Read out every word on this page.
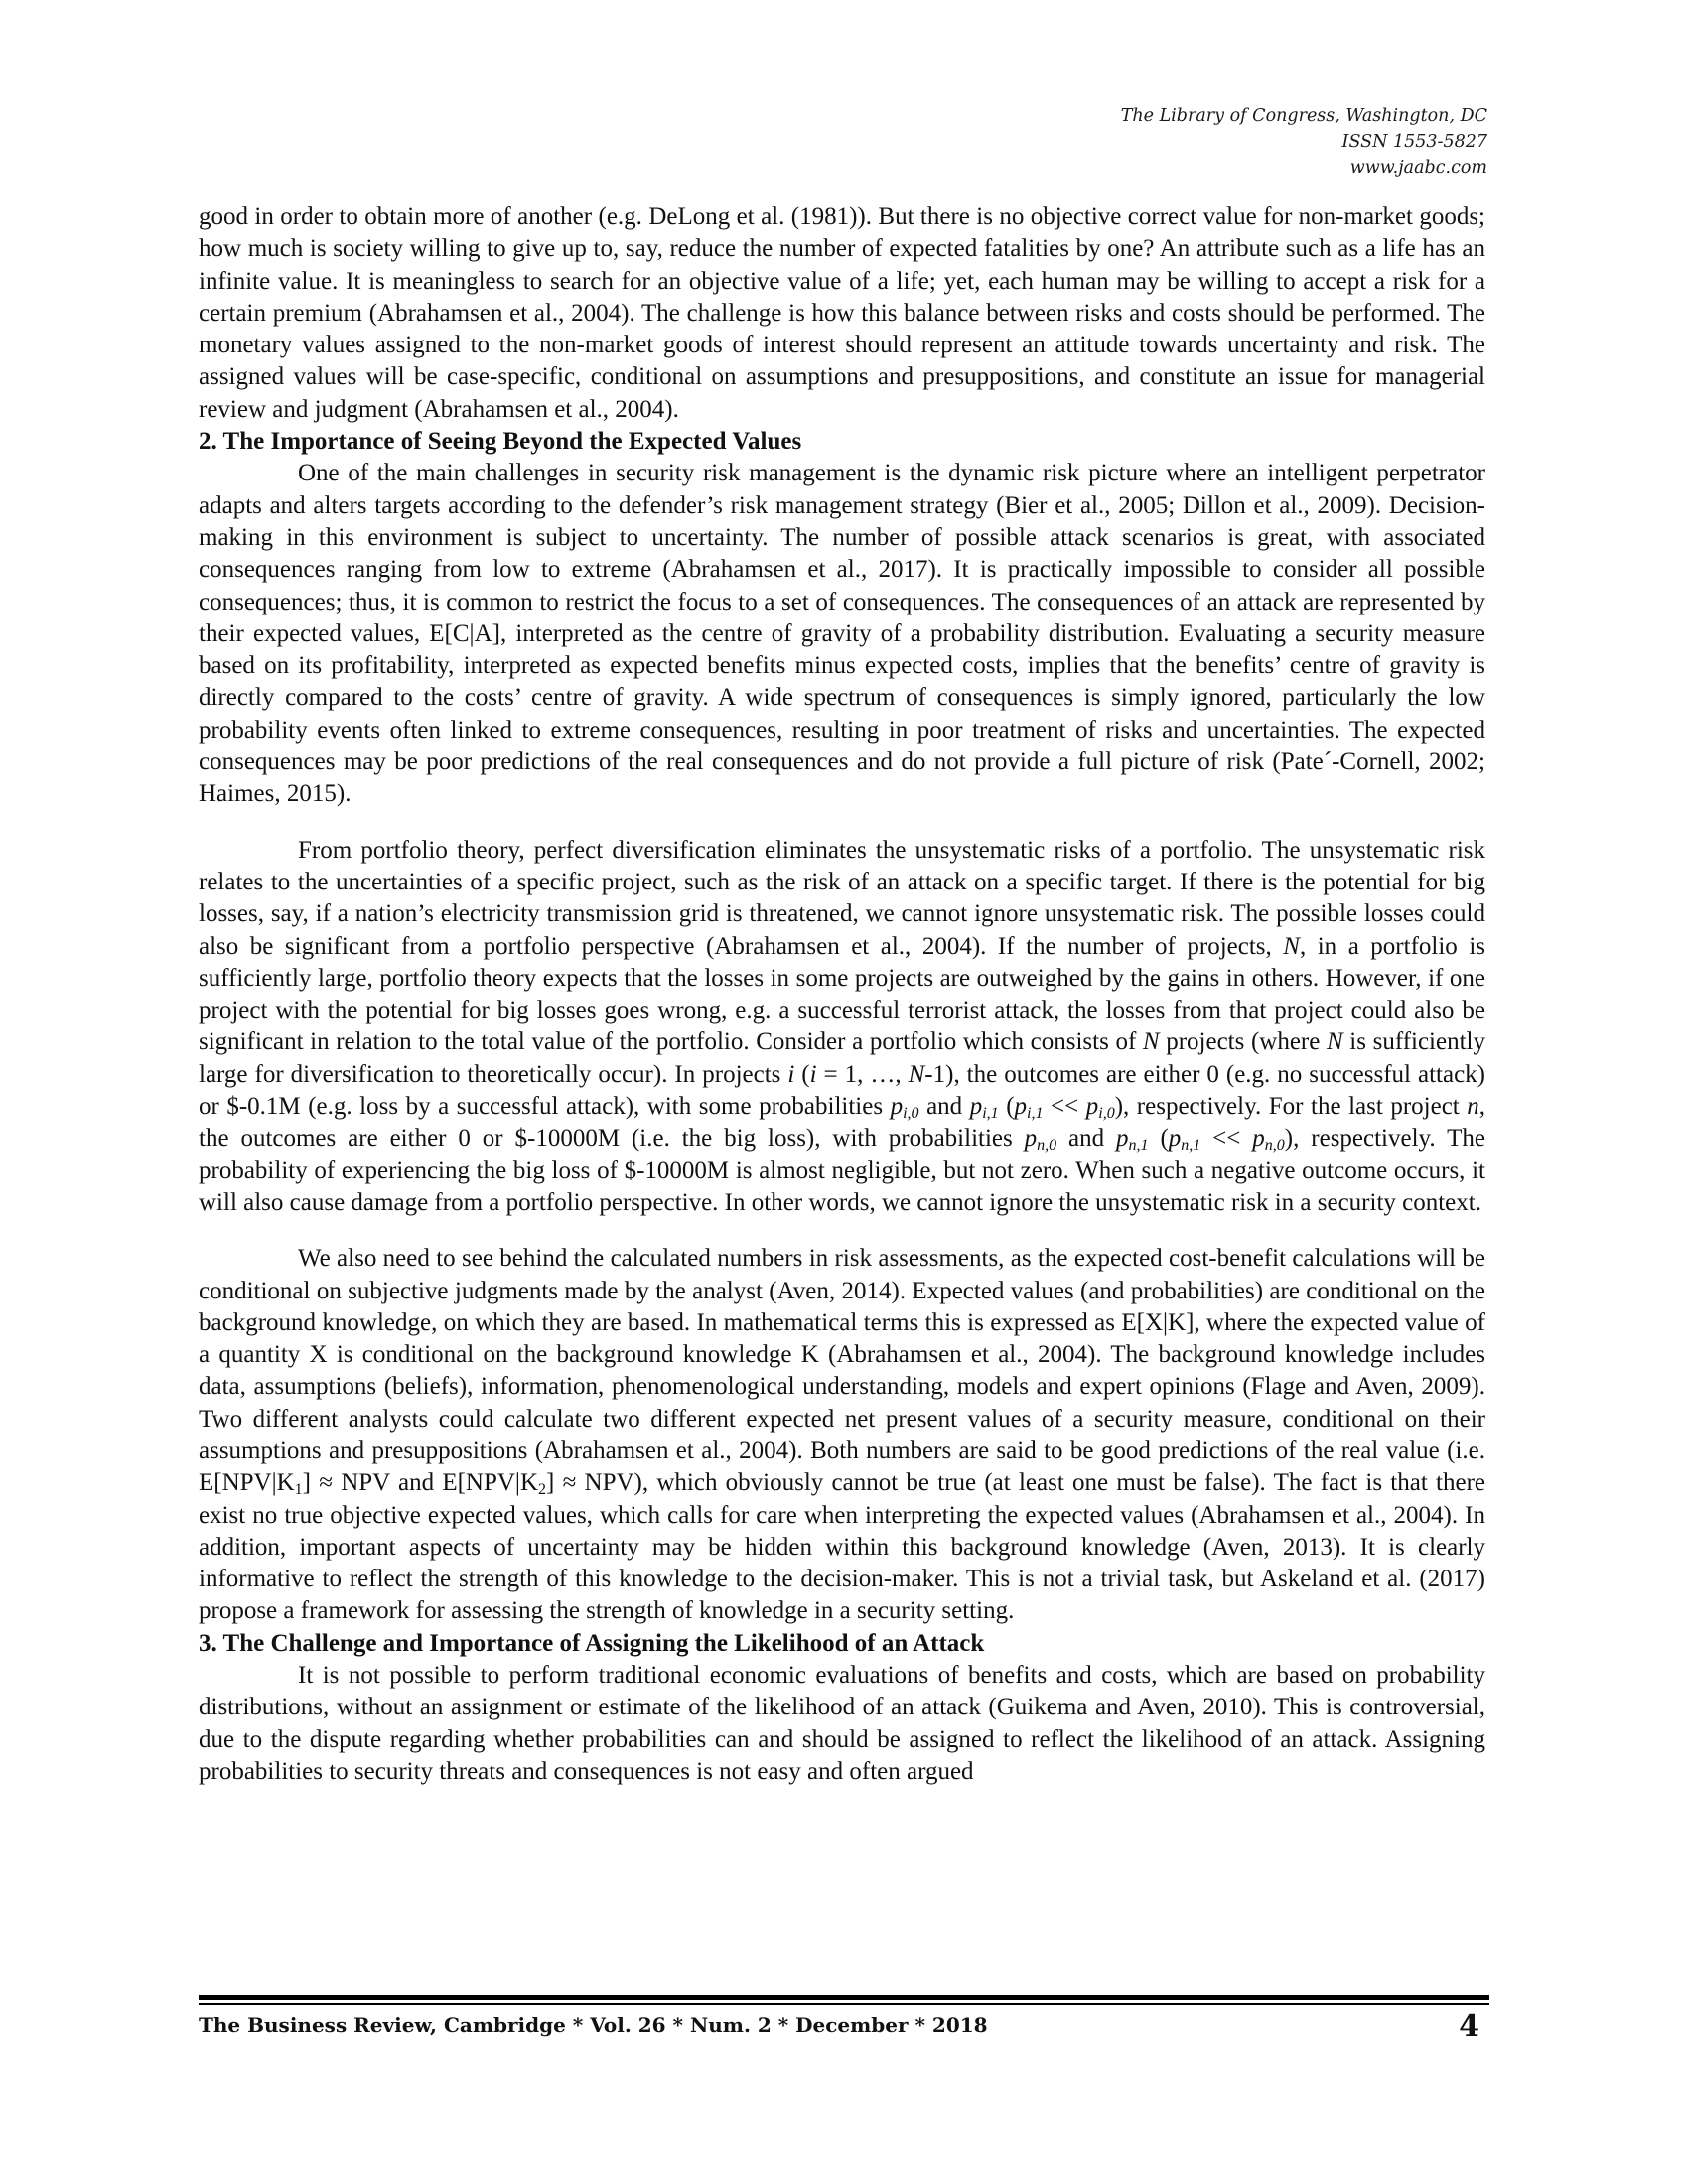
The Library of Congress, Washington, DC
ISSN 1553-5827
www.jaabc.com

good in order to obtain more of another (e.g. DeLong et al. (1981)). But there is no objective correct value for non-market goods; how much is society willing to give up to, say, reduce the number of expected fatalities by one? An attribute such as a life has an infinite value. It is meaningless to search for an objective value of a life; yet, each human may be willing to accept a risk for a certain premium (Abrahamsen et al., 2004). The challenge is how this balance between risks and costs should be performed. The monetary values assigned to the non-market goods of interest should represent an attitude towards uncertainty and risk. The assigned values will be case-specific, conditional on assumptions and presuppositions, and constitute an issue for managerial review and judgment (Abrahamsen et al., 2004).

2. The Importance of Seeing Beyond the Expected Values

One of the main challenges in security risk management is the dynamic risk picture where an intelligent perpetrator adapts and alters targets according to the defender’s risk management strategy (Bier et al., 2005; Dillon et al., 2009). Decision-making in this environment is subject to uncertainty. The number of possible attack scenarios is great, with associated consequences ranging from low to extreme (Abrahamsen et al., 2017). It is practically impossible to consider all possible consequences; thus, it is common to restrict the focus to a set of consequences. The consequences of an attack are represented by their expected values, E[C|A], interpreted as the centre of gravity of a probability distribution. Evaluating a security measure based on its profitability, interpreted as expected benefits minus expected costs, implies that the benefits’ centre of gravity is directly compared to the costs’ centre of gravity. A wide spectrum of consequences is simply ignored, particularly the low probability events often linked to extreme consequences, resulting in poor treatment of risks and uncertainties. The expected consequences may be poor predictions of the real consequences and do not provide a full picture of risk (Pate´-Cornell, 2002; Haimes, 2015).

From portfolio theory, perfect diversification eliminates the unsystematic risks of a portfolio. The unsystematic risk relates to the uncertainties of a specific project, such as the risk of an attack on a specific target. If there is the potential for big losses, say, if a nation’s electricity transmission grid is threatened, we cannot ignore unsystematic risk. The possible losses could also be significant from a portfolio perspective (Abrahamsen et al., 2004). If the number of projects, N, in a portfolio is sufficiently large, portfolio theory expects that the losses in some projects are outweighed by the gains in others. However, if one project with the potential for big losses goes wrong, e.g. a successful terrorist attack, the losses from that project could also be significant in relation to the total value of the portfolio. Consider a portfolio which consists of N projects (where N is sufficiently large for diversification to theoretically occur). In projects i (i = 1, …, N-1), the outcomes are either 0 (e.g. no successful attack) or $-0.1M (e.g. loss by a successful attack), with some probabilities $p_{i,0}$ and $p_{i,1}$ $(p_{i,1} << p_{i,0})$, respectively. For the last project n, the outcomes are either 0 or $-10000M (i.e. the big loss), with probabilities $p_{n,0}$ and $p_{n,1}$ $(p_{n,1} << p_{n,0})$, respectively. The probability of experiencing the big loss of $-10000M is almost negligible, but not zero. When such a negative outcome occurs, it will also cause damage from a portfolio perspective. In other words, we cannot ignore the unsystematic risk in a security context.

We also need to see behind the calculated numbers in risk assessments, as the expected cost-benefit calculations will be conditional on subjective judgments made by the analyst (Aven, 2014). Expected values (and probabilities) are conditional on the background knowledge, on which they are based. In mathematical terms this is expressed as E[X|K], where the expected value of a quantity X is conditional on the background knowledge K (Abrahamsen et al., 2004). The background knowledge includes data, assumptions (beliefs), information, phenomenological understanding, models and expert opinions (Flage and Aven, 2009). Two different analysts could calculate two different expected net present values of a security measure, conditional on their assumptions and presuppositions (Abrahamsen et al., 2004). Both numbers are said to be good predictions of the real value (i.e. $E[NPV|K_1]$ ≈ NPV and $E[NPV|K_2] \approx NPV$), which obviously cannot be true (at least one must be false). The fact is that there exist no true objective expected values, which calls for care when interpreting the expected values (Abrahamsen et al., 2004). In addition, important aspects of uncertainty may be hidden within this background knowledge (Aven, 2013). It is clearly informative to reflect the strength of this knowledge to the decision-maker. This is not a trivial task, but Askeland et al. (2017) propose a framework for assessing the strength of knowledge in a security setting.

3. The Challenge and Importance of Assigning the Likelihood of an Attack

It is not possible to perform traditional economic evaluations of benefits and costs, which are based on probability distributions, without an assignment or estimate of the likelihood of an attack (Guikema and Aven, 2010). This is controversial, due to the dispute regarding whether probabilities can and should be assigned to reflect the likelihood of an attack. Assigning probabilities to security threats and consequences is not easy and often argued

The Business Review, Cambridge * Vol. 26 * Num. 2 * December * 2018	4
